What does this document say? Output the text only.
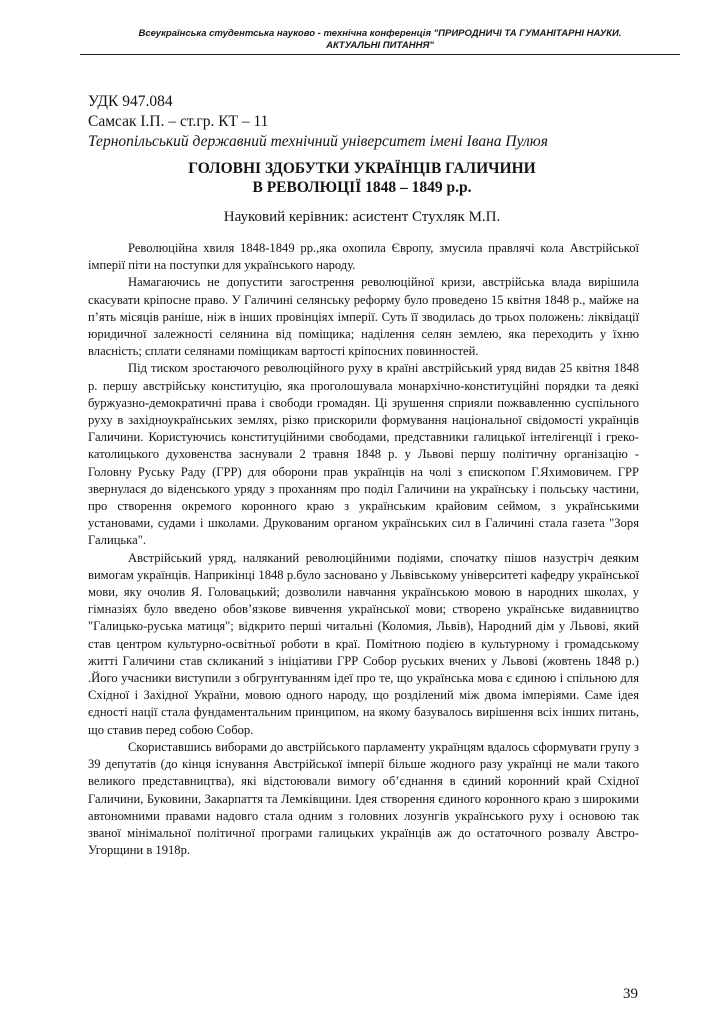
Всеукраїнська студентська науково - технічна конференція "ПРИРОДНИЧІ ТА ГУМАНІТАРНІ НАУКИ.
АКТУАЛЬНІ ПИТАННЯ"
УДК 947.084
Самсак І.П. – ст.гр. КТ – 11
Тернопільський державний технічний університет імені Івана Пулюя
ГОЛОВНІ ЗДОБУТКИ УКРАЇНЦІВ ГАЛИЧИНИ
В РЕВОЛЮЦІЇ 1848 – 1849 р.р.
Науковий керівник: асистент Стухляк М.П.

Революційна хвиля 1848-1849 рр.,яка охопила Європу, змусила правлячі кола Австрійської імперії піти на поступки для українського народу.

Намагаючись не допустити загострення революційної кризи, австрійська влада вирішила скасувати кріпосне право. У Галичині селянську реформу було проведено 15 квітня 1848 р., майже на п’ять місяців раніше, ніж в інших провінціях імперії. Суть її зводилась до трьох положень: ліквідації юридичної залежності селянина від поміщика; наділення селян землею, яка переходить у їхню власність; сплати селянами поміщикам вартості кріпосних повинностей.

Під тиском зростаючого революційного руху в країні австрійський уряд видав 25 квітня 1848 р. першу австрійську конституцію, яка проголошувала монархічно-конституційні порядки та деякі буржуазно-демократичні права і свободи громадян. Ці зрушення сприяли пожвавленню суспільного руху в західноукраїнських землях, різко прискорили формування національної свідомості українців Галичини. Користуючись конституційними свободами, представники галицької інтелігенції і греко-католицького духовенства заснували 2 травня 1848 р. у Львові першу політичну організацію - Головну Руську Раду (ГРР) для оборони прав українців на чолі з єпископом Г.Яхимовичем. ГРР звернулася до віденського уряду з проханням про поділ Галичини на українську і польську частини, про створення окремого коронного краю з українським крайовим сеймом, з українськими установами, судами і школами. Друкованим органом українських сил в Галичині стала газета "Зоря Галицька".

Австрійський уряд, наляканий революційними подіями, спочатку пішов назустріч деяким вимогам українців. Наприкінці 1848 р.було засновано у Львівському університеті кафедру української мови, яку очолив Я. Головацький; дозволили навчання українською мовою в народних школах, у гімназіях було введено обов’язкове вивчення української мови; створено українське видавництво "Галицько-руська матиця"; відкрито перші читальні (Коломия, Львів), Народний дім у Львові, який став центром культурно-освітньої роботи в краї. Помітною подією в культурному і громадському житті Галичини став скликаний з ініціативи ГРР Собор руських вчених у Львові (жовтень 1848 р.) .Його учасники виступили з обгрунтуванням ідеї про те, що українська мова є єдиною і спільною для Східної і Західної України, мовою одного народу, що розділений між двома імперіями. Саме ідея єдності нації стала фундаментальним принципом, на якому базувалось вирішення всіх інших питань, що ставив перед собою Собор.

Скориставшись виборами до австрійського парламенту українцям вдалось сформувати групу з 39 депутатів (до кінця існування Австрійської імперії більше жодного разу українці не мали такого великого представництва), які відстоювали вимогу об’єднання в єдиний коронний край Східної Галичини, Буковини, Закарпаття та Лемківщини. Ідея створення єдиного коронного краю з широкими автономними правами надовго стала одним з головних лозунгів українського руху і основою так званої мінімальної політичної програми галицьких українців аж до остаточного розвалу Австро-Угорщини в 1918р.

39
